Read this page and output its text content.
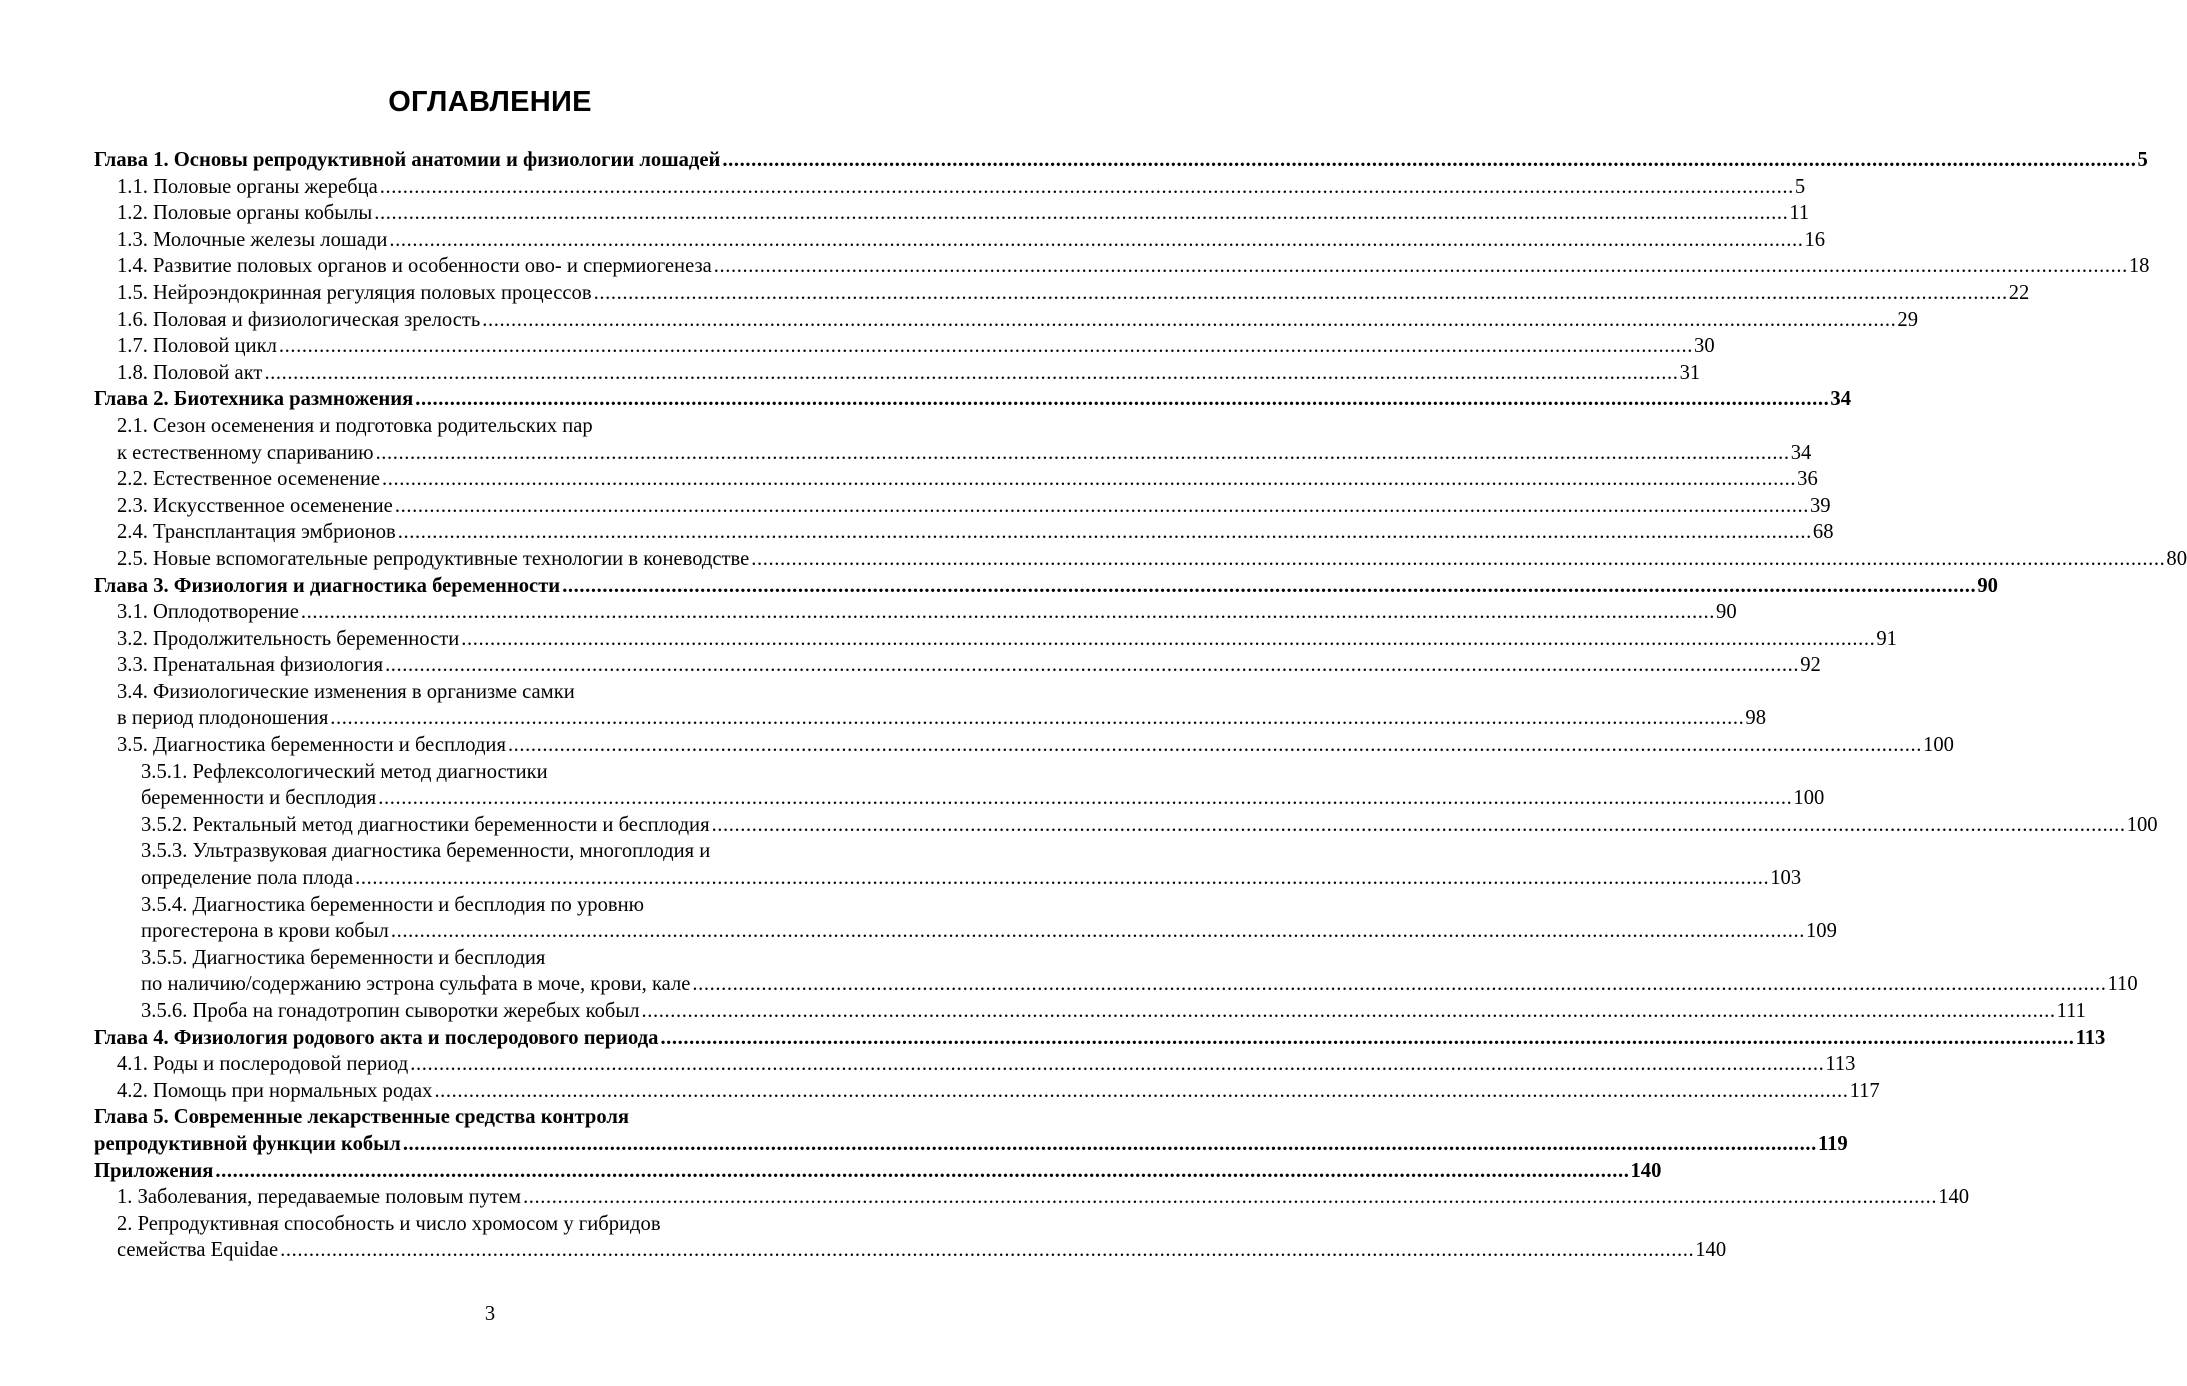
ОГЛАВЛЕНИЕ
Глава 1. Основы репродуктивной анатомии и физиологии лошадей .....	5
1.1. Половые органы жеребца .....	5
1.2. Половые органы кобылы .....	11
1.3. Молочные железы лошади .....	16
1.4. Развитие половых органов и особенности ово- и спермиогенеза .....	18
1.5. Нейроэндокринная регуляция половых процессов .....	22
1.6. Половая и физиологическая зрелость .....	29
1.7. Половой цикл .....	30
1.8. Половой акт .....	31
Глава 2. Биотехника размножения .....	34
2.1. Сезон осеменения и подготовка родительских пар
к естественному спариванию .....	34
2.2. Естественное осеменение .....	36
2.3. Искусственное осеменение .....	39
2.4. Трансплантация эмбрионов .....	68
2.5. Новые вспомогательные репродуктивные технологии в коневодстве .....	80
Глава 3. Физиология и диагностика беременности .....	90
3.1. Оплодотворение .....	90
3.2. Продолжительность беременности .....	91
3.3. Пренатальная физиология .....	92
3.4. Физиологические изменения в организме самки
в период плодоношения .....	98
3.5. Диагностика беременности и бесплодия .....	100
3.5.1. Рефлексологический метод диагностики
беременности и бесплодия .....	100
3.5.2. Ректальный метод диагностики беременности и бесплодия .....	100
3.5.3. Ультразвуковая диагностика беременности, многоплодия и
определение пола плода .....	103
3.5.4. Диагностика беременности и бесплодия по уровню
прогестерона в крови кобыл .....	109
3.5.5. Диагностика беременности и бесплодия
по наличию/содержанию эстрона сульфата в моче, крови, кале .....	110
3.5.6. Проба на гонадотропин сыворотки жеребых кобыл .....	111
Глава 4. Физиология родового акта и послеродового периода .....	113
4.1. Роды и послеродовой период .....	113
4.2. Помощь при нормальных родах .....	117
Глава 5. Современные лекарственные средства контроля
репродуктивной функции кобыл .....	119
Приложения .....	140
1. Заболевания, передаваемые половым путем .....	140
2. Репродуктивная способность и число хромосом у гибридов
семейства Equidae .....	140
3
